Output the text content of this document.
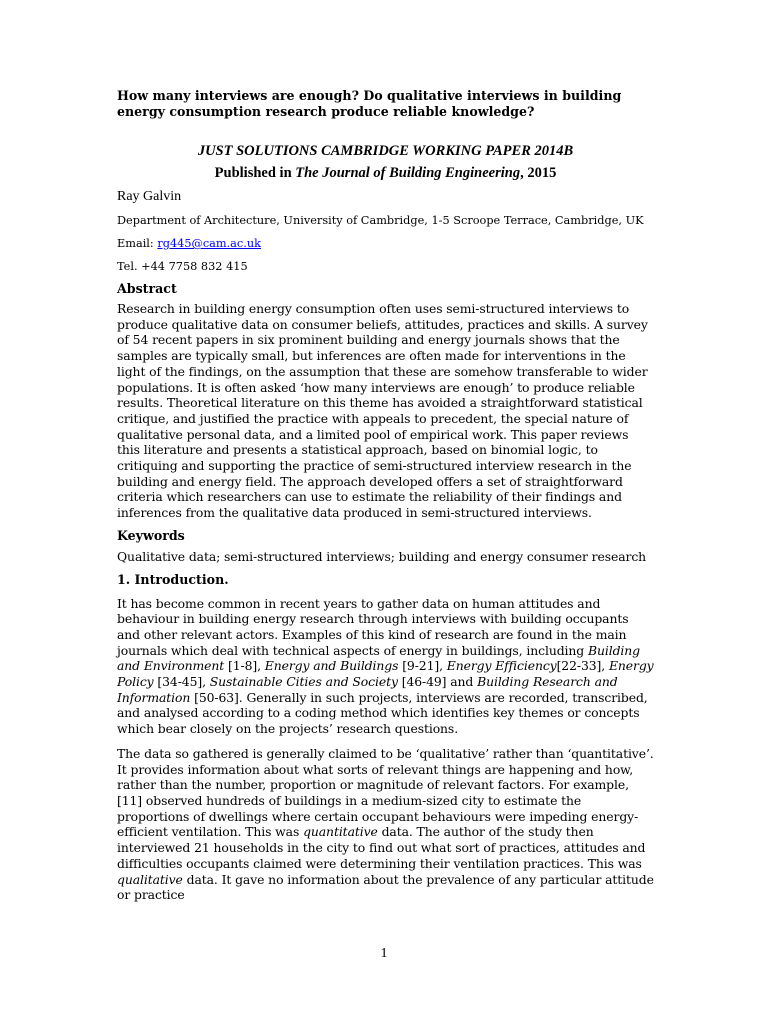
How many interviews are enough? Do qualitative interviews in building energy consumption research produce reliable knowledge?

JUST SOLUTIONS CAMBRIDGE WORKING PAPER 2014B
Published in The Journal of Building Engineering, 2015
Ray Galvin
Department of Architecture, University of Cambridge, 1-5 Scroope Terrace, Cambridge, UK
Email: rg445@cam.ac.uk
Tel. +44 7758 832 415
Abstract

Research in building energy consumption often uses semi-structured interviews to produce qualitative data on consumer beliefs, attitudes, practices and skills. A survey of 54 recent papers in six prominent building and energy journals shows that the samples are typically small, but inferences are often made for interventions in the light of the findings, on the assumption that these are somehow transferable to wider populations. It is often asked ‘how many interviews are enough’ to produce reliable results. Theoretical literature on this theme has avoided a straightforward statistical critique, and justified the practice with appeals to precedent, the special nature of qualitative personal data, and a limited pool of empirical work. This paper reviews this literature and presents a statistical approach, based on binomial logic, to critiquing and supporting the practice of semi-structured interview research in the building and energy field. The approach developed offers a set of straightforward criteria which researchers can use to estimate the reliability of their findings and inferences from the qualitative data produced in semi-structured interviews.

Keywords

Qualitative data; semi-structured interviews; building and energy consumer research

1. Introduction.

It has become common in recent years to gather data on human attitudes and behaviour in building energy research through interviews with building occupants and other relevant actors. Examples of this kind of research are found in the main journals which deal with technical aspects of energy in buildings, including Building and Environment [1-8], Energy and Buildings [9-21], Energy Efficiency[22-33], Energy Policy [34-45], Sustainable Cities and Society [46-49] and Building Research and Information [50-63]. Generally in such projects, interviews are recorded, transcribed, and analysed according to a coding method which identifies key themes or concepts which bear closely on the projects’ research questions.

The data so gathered is generally claimed to be ‘qualitative’ rather than ‘quantitative’. It provides information about what sorts of relevant things are happening and how, rather than the number, proportion or magnitude of relevant factors. For example, [11] observed hundreds of buildings in a medium-sized city to estimate the proportions of dwellings where certain occupant behaviours were impeding energy-efficient ventilation. This was quantitative data. The author of the study then interviewed 21 households in the city to find out what sort of practices, attitudes and difficulties occupants claimed were determining their ventilation practices. This was qualitative data. It gave no information about the prevalence of any particular attitude or practice

1
